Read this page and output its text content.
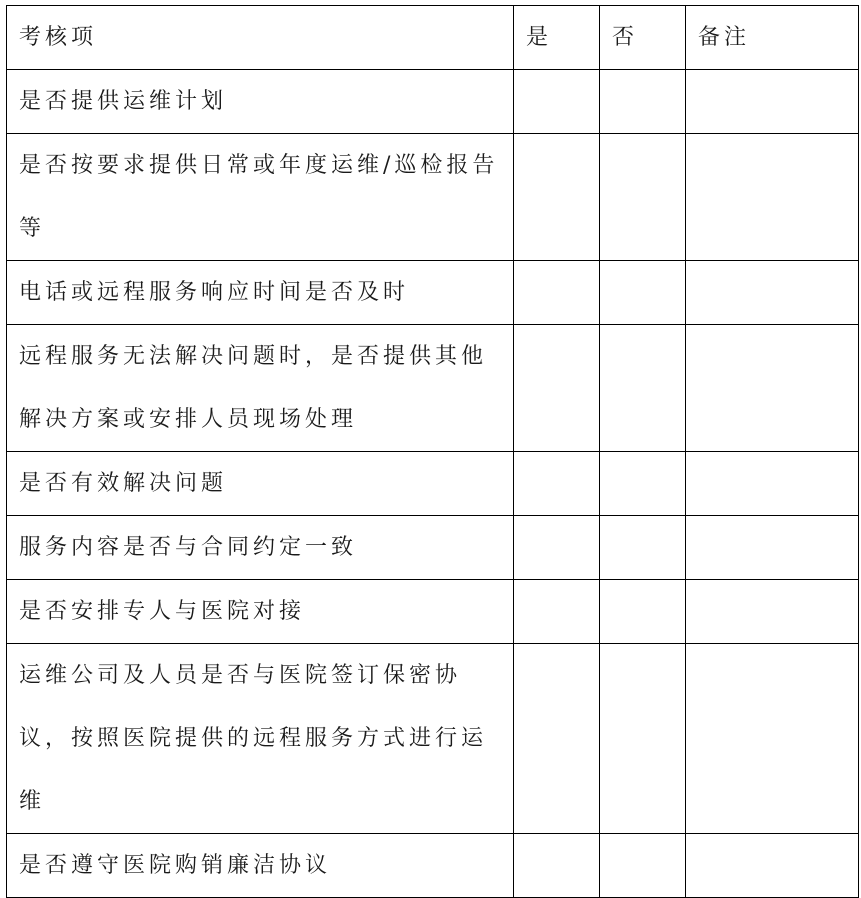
考核项	是	否	备注
是否提供运维计划			
是否按要求提供日常或年度运维/巡检报告等			
电话或远程服务响应时间是否及时			
远程服务无法解决问题时，是否提供其他解决方案或安排人员现场处理			
是否有效解决问题			
服务内容是否与合同约定一致			
是否安排专人与医院对接			
运维公司及人员是否与医院签订保密协议，按照医院提供的远程服务方式进行运维			
是否遵守医院购销廉洁协议			
